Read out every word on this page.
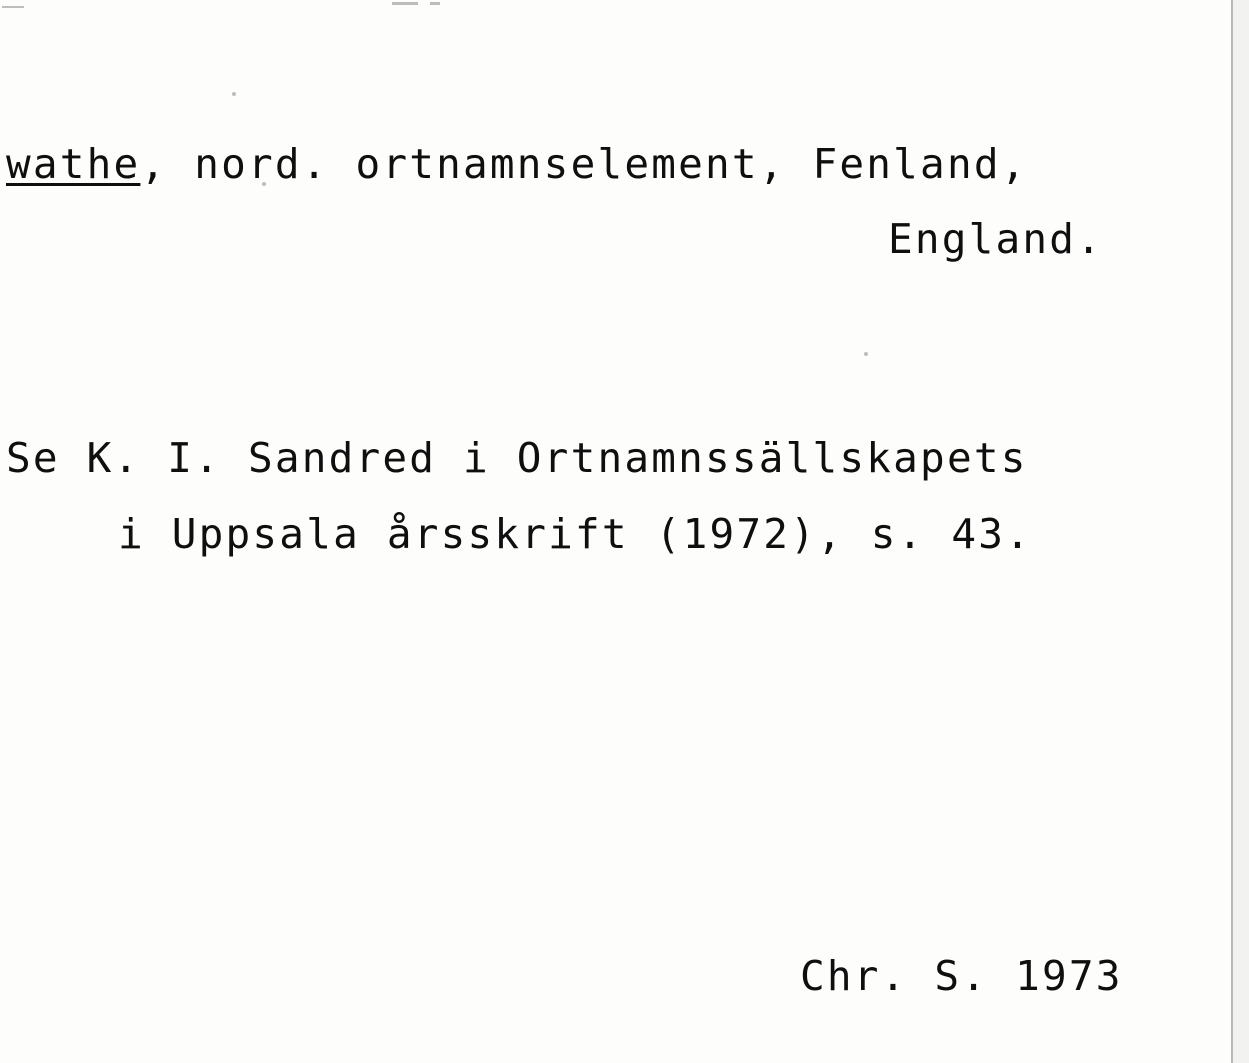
wathe, nord. ortnamnselement, Fenland,
England.
Se K. I. Sandred i Ortnamnssällskapets
i Uppsala årsskrift (1972), s. 43.
Chr. S. 1973
